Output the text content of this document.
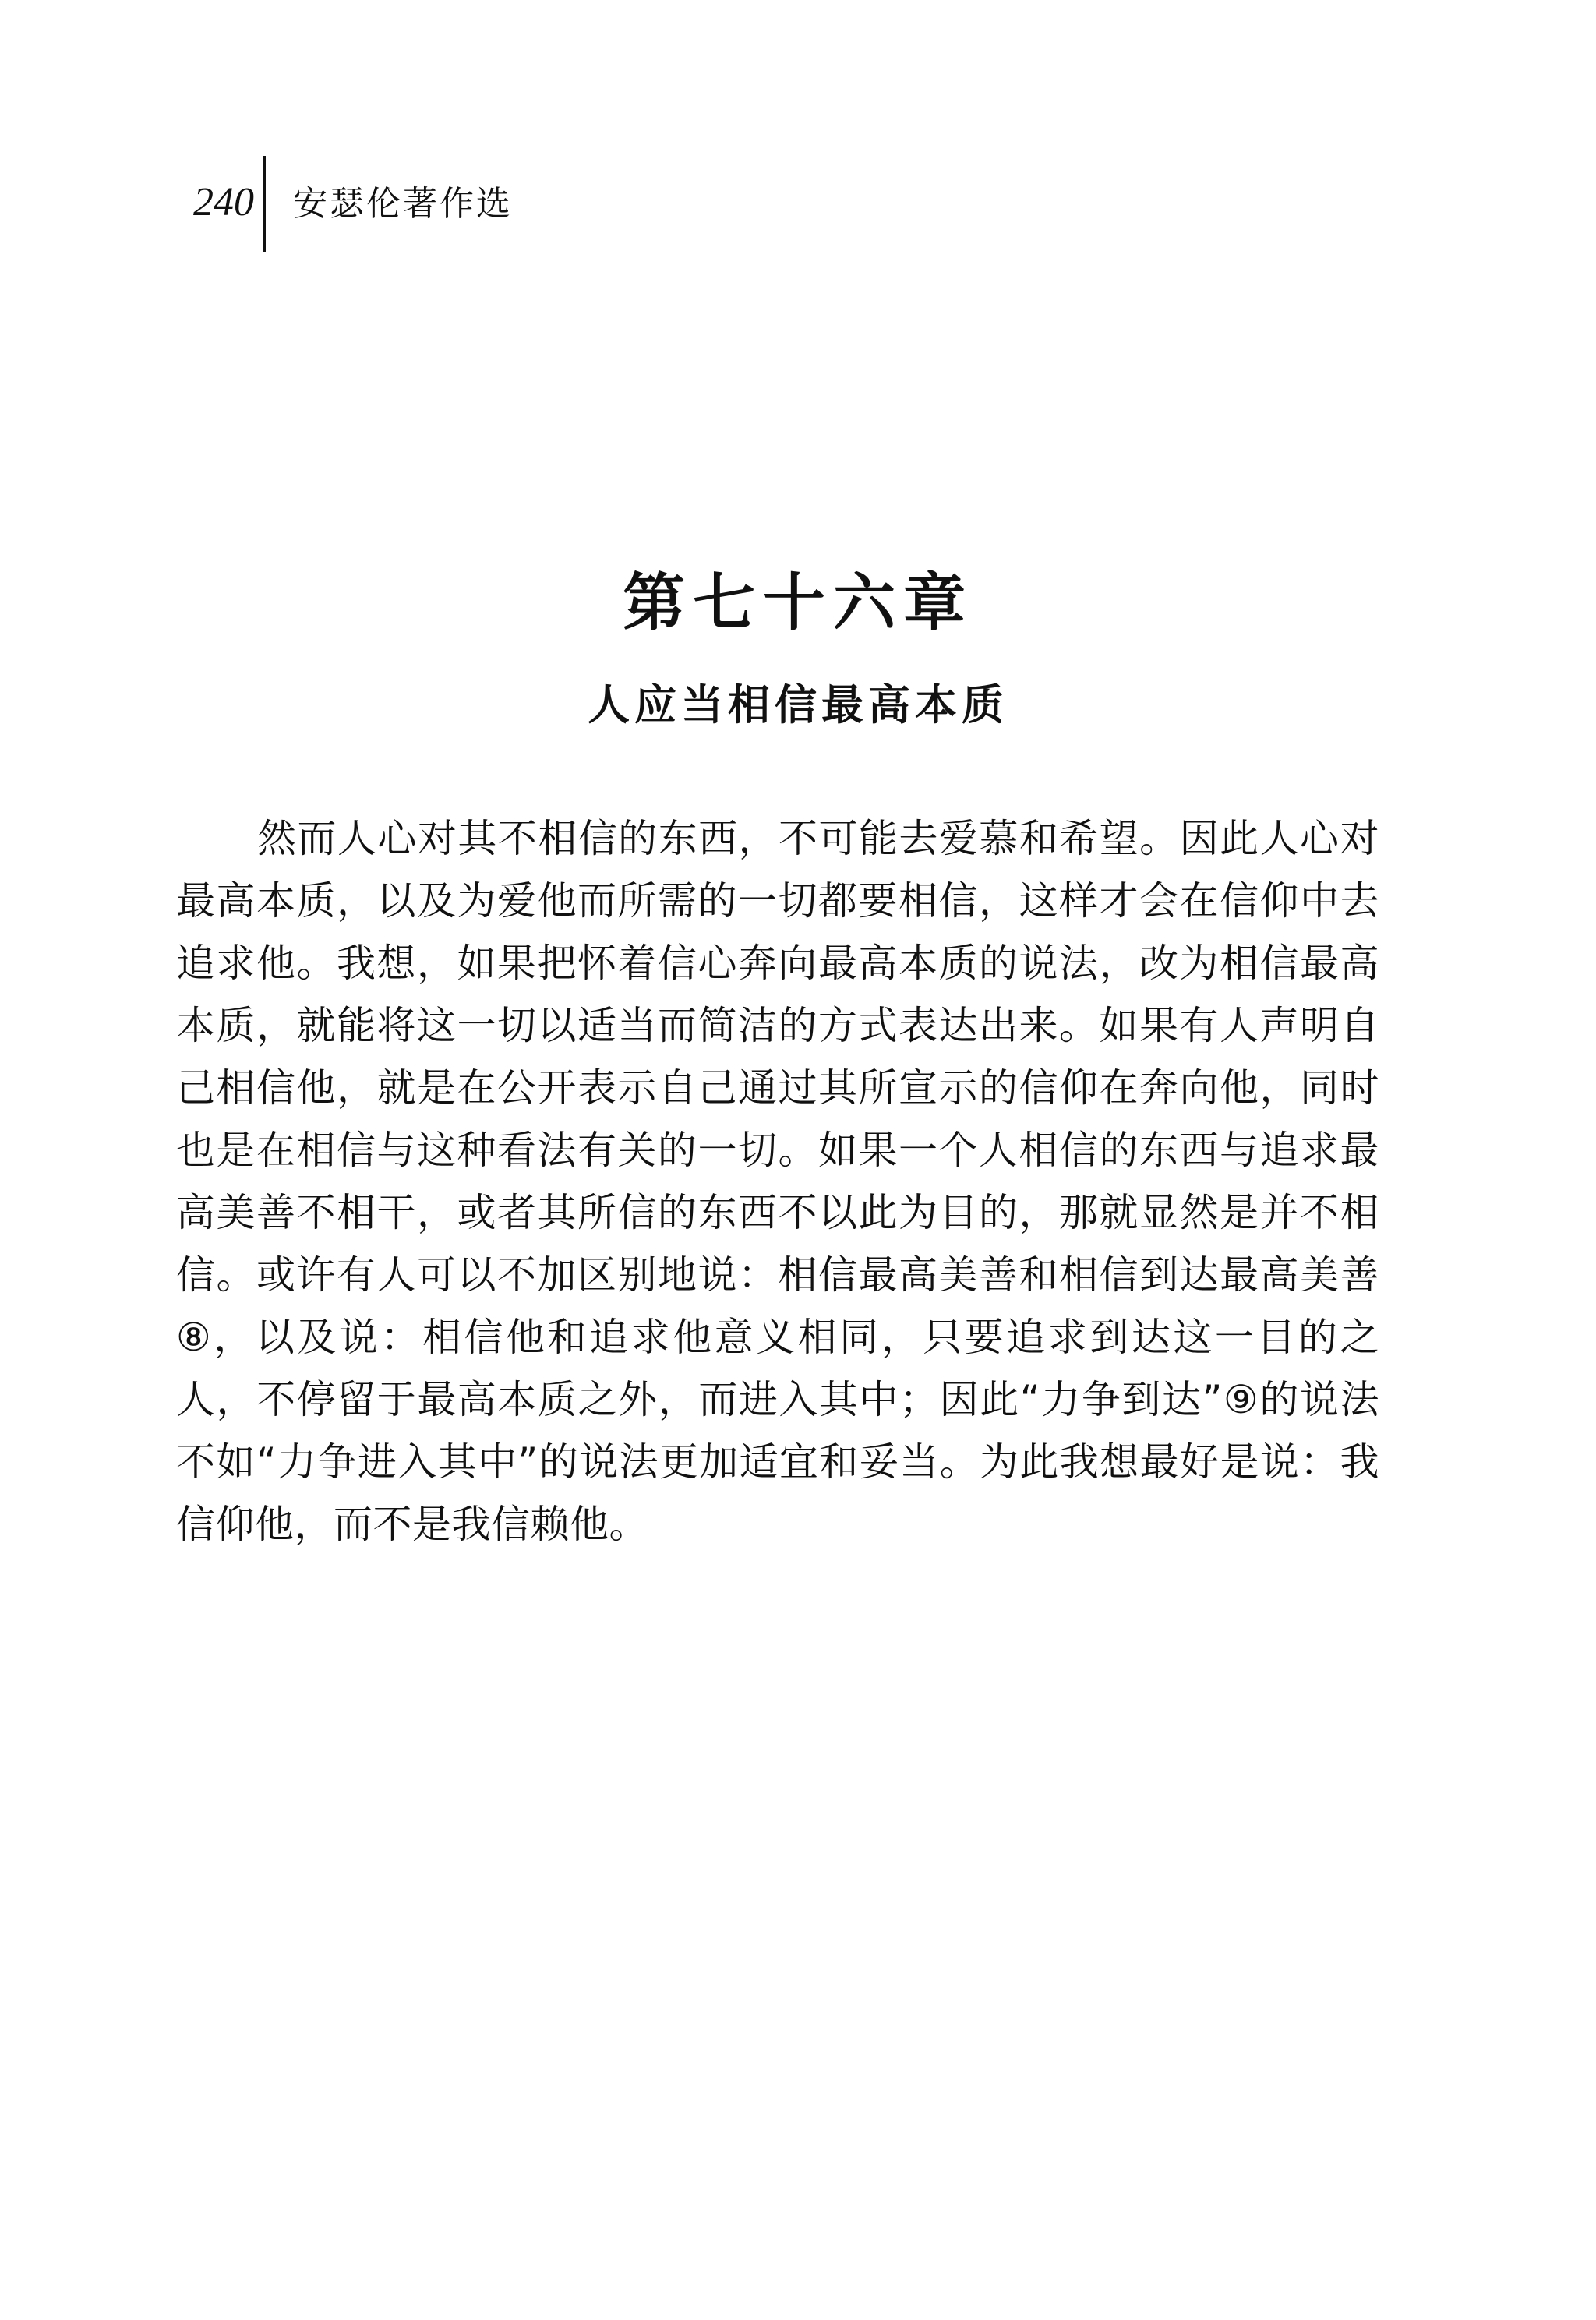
240 安瑟伦著作选
第七十六章
人应当相信最高本质

然而人心对其不相信的东西，不可能去爱慕和希望。因此人心对最高本质，以及为爱他而所需的一切都要相信，这样才会在信仰中去追求他。我想，如果把怀着信心奔向最高本质的说法，改为相信最高本质，就能将这一切以适当而简洁的方式表达出来。如果有人声明自己相信他，就是在公开表示自己通过其所宣示的信仰在奔向他，同时也是在相信与这种看法有关的一切。如果一个人相信的东西与追求最高美善不相干，或者其所信的东西不以此为目的，那就显然是并不相信。或许有人可以不加区别地说：相信最高美善和相信到达最高美善⑧，以及说：相信他和追求他意义相同，只要追求到达这一目的之人，不停留于最高本质之外，而进入其中；因此“力争到达”⑨的说法不如“力争进入其中”的说法更加适宜和妥当。为此我想最好是说：我信仰他，而不是我信赖他。
